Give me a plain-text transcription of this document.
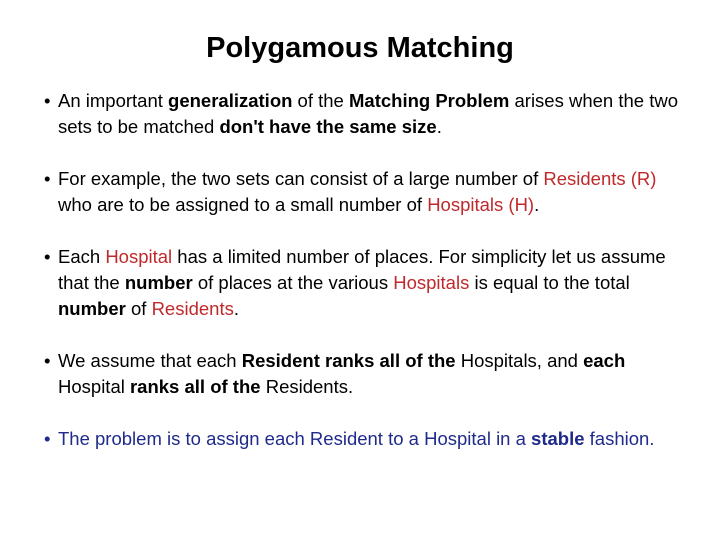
Polygamous Matching
• An important generalization of the Matching Problem arises when the two sets to be matched don't have the same size.
• For example, the two sets can consist of a large number of Residents (R) who are to be assigned to a small number of Hospitals (H).
• Each Hospital has a limited number of places. For simplicity let us assume that the number of places at the various Hospitals is equal to the total number of Residents.
• We assume that each Resident ranks all of the Hospitals, and each Hospital ranks all of the Residents.
• The problem is to assign each Resident to a Hospital in a stable fashion.
